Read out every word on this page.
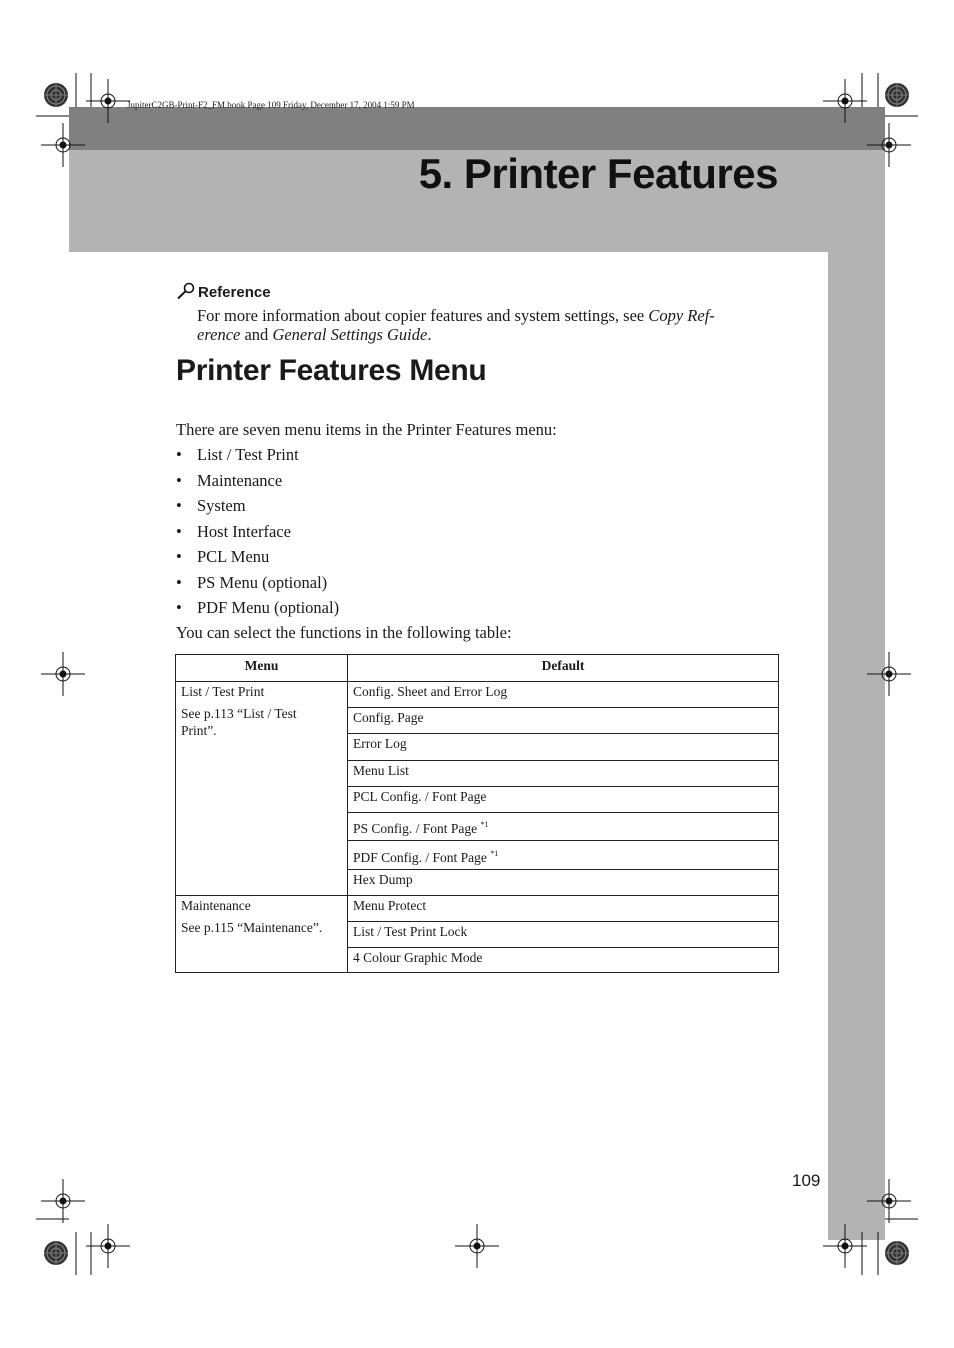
JupiterC2GB-Print-F2_FM.book Page 109 Friday, December 17, 2004 1:59 PM
5. Printer Features
Reference
For more information about copier features and system settings, see Copy Ref-
erence and General Settings Guide.
Printer Features Menu
There are seven menu items in the Printer Features menu:
• List / Test Print
• Maintenance
• System
• Host Interface
• PCL Menu
• PS Menu (optional)
• PDF Menu (optional)
You can select the functions in the following table:
Menu	Default
List / Test Print
See p.113 “List / Test
Print”.
Config. Sheet and Error Log
Config. Page
Error Log
Menu List
PCL Config. / Font Page
PS Config. / Font Page $^{*1}$
PDF Config. / Font Page $^{*1}$
Hex Dump
Maintenance
See p.115 “Maintenance”.
Menu Protect
List / Test Print Lock
4 Colour Graphic Mode
109
